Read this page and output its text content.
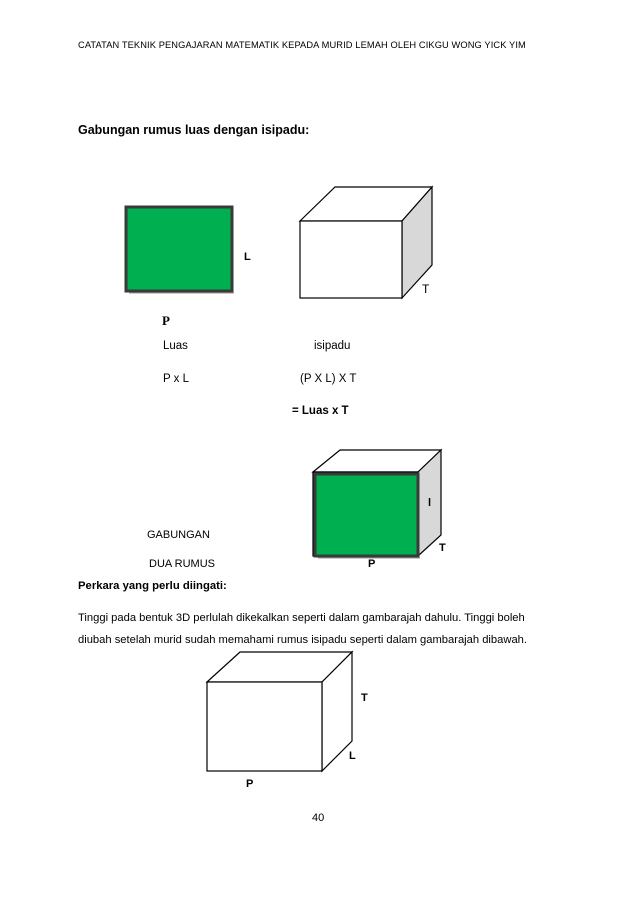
CATATAN TEKNIK PENGAJARAN MATEMATIK KEPADA MURID LEMAH OLEH CIKGU WONG YICK YIM
Gabungan rumus luas dengan isipadu:
L
T
P
Luas	isipadu
P x L	(P X L) X T
= Luas x T
l
T
P
GABUNGAN
DUA RUMUS
Perkara yang perlu diingati:
Tinggi pada bentuk 3D perlulah dikekalkan seperti dalam gambarajah dahulu. Tinggi boleh diubah setelah murid sudah memahami rumus isipadu seperti dalam gambarajah dibawah.
T
L
P
40
